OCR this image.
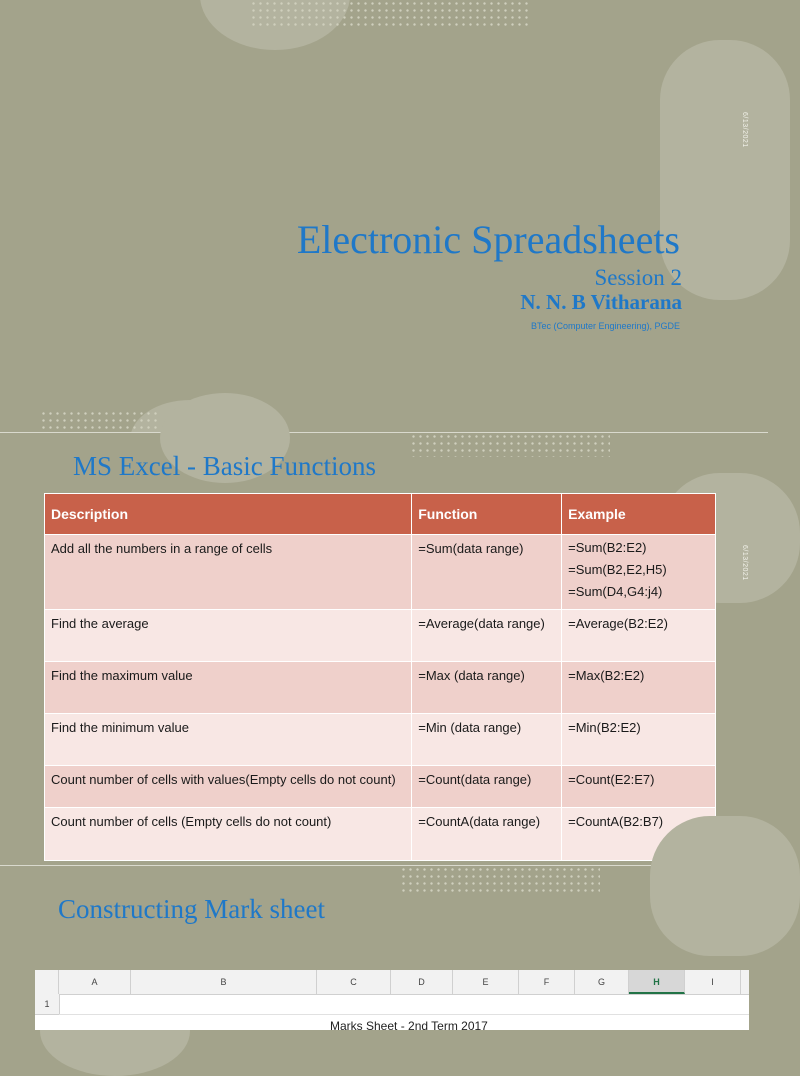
6/13/2021
Electronic Spreadsheets
Session 2
N. N. B Vitharana
BTec (Computer Engineering), PGDE
6/13/2021
MS Excel - Basic Functions
Description	Function	Example
Add all the numbers in a range of cells	=Sum(data range)	=Sum(B2:E2)
=Sum(B2,E2,H5)
=Sum(D4,G4:j4)

Find the average	=Average(data range)	=Average(B2:E2)
Find the maximum value	=Max (data range)	=Max(B2:E2)
Find the minimum value	=Min (data range)	=Min(B2:E2)
Count number of cells with values(Empty cells do not count)	=Count(data range)	=Count(E2:E7)
Count number of cells (Empty cells do not count)	=CountA(data range)	=CountA(B2:B7)
Constructing Mark sheet
A	B	C	D	E	F	G	H	I
1
Marks Sheet - 2nd Term 2017
